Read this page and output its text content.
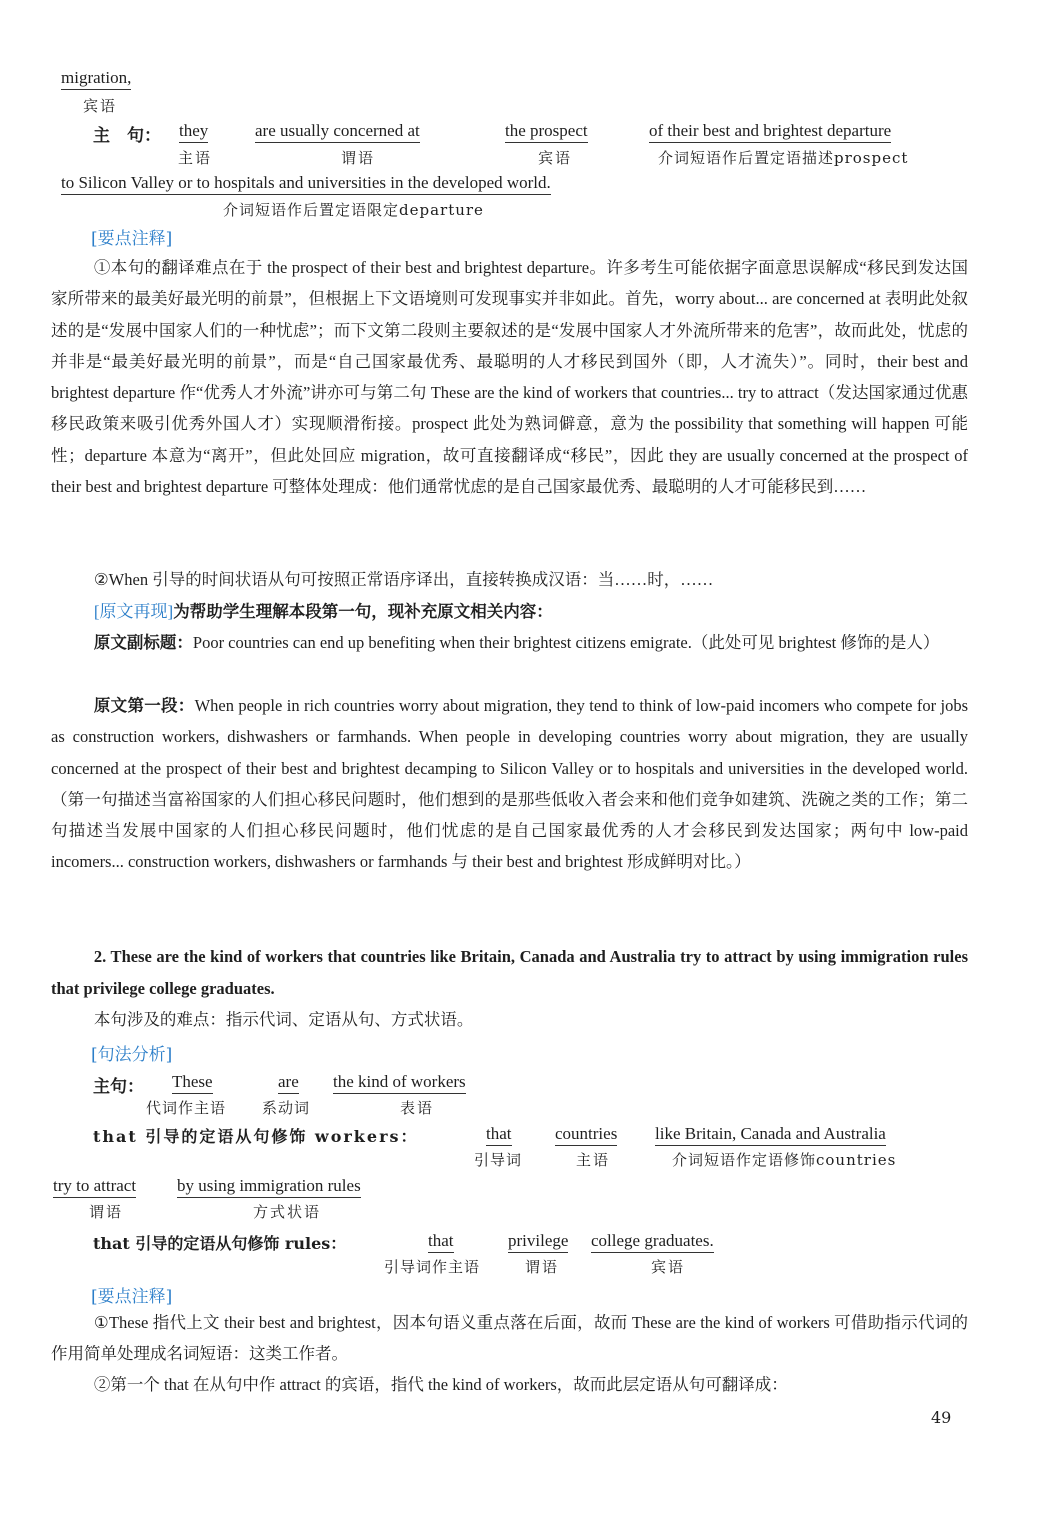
migration,
宾语
主　句： they
主语
are usually concerned at
谓语
the prospect
宾语
of their best and brightest departure
介词短语作后置定语描述prospect
to Silicon Valley or to hospitals and universities in the developed world.
介词短语作后置定语限定departure
[要点注释]
①本句的翻译难点在于 the prospect of their best and brightest departure。许多考生可能依据字面意思误解成“移民到发达国家所带来的最美好最光明的前景”，但根据上下文语境则可发现事实并非如此。首先，worry about... are concerned at 表明此处叙述的是“发展中国家人们的一种忧虑”；而下文第二段则主要叙述的是“发展中国家人才外流所带来的危害”，故而此处，忧虑的并非是“最美好最光明的前景”，而是“自己国家最优秀、最聪明的人才移民到国外（即，人才流失）”。同时，their best and brightest departure 作“优秀人才外流”讲亦可与第二句 These are the kind of workers that countries... try to attract（发达国家通过优惠移民政策来吸引优秀外国人才）实现顺滑衔接。prospect 此处为熟词僻意，意为 the possibility that something will happen 可能性；departure 本意为“离开”，但此处回应 migration，故可直接翻译成“移民”，因此 they are usually concerned at the prospect of their best and brightest departure 可整体处理成：他们通常忧虑的是自己国家最优秀、最聪明的人才可能移民到……
②When 引导的时间状语从句可按照正常语序译出，直接转换成汉语：当……时，……
[原文再现]为帮助学生理解本段第一句，现补充原文相关内容：
原文副标题：Poor countries can end up benefiting when their brightest citizens emigrate.（此处可见 brightest 修饰的是人）
原文第一段：When people in rich countries worry about migration, they tend to think of low-paid incomers who compete for jobs as construction workers, dishwashers or farmhands. When people in developing countries worry about migration, they are usually concerned at the prospect of their best and brightest decamping to Silicon Valley or to hospitals and universities in the developed world.（第一句描述当富裕国家的人们担心移民问题时，他们想到的是那些低收入者会来和他们竞争如建筑、洗碗之类的工作；第二句描述当发展中国家的人们担心移民问题时，他们忧虑的是自己国家最优秀的人才会移民到发达国家；两句中 low-paid incomers... construction workers, dishwashers or farmhands 与 their best and brightest 形成鲜明对比。）
2. These are the kind of workers that countries like Britain, Canada and Australia try to attract by using immigration rules that privilege college graduates.
本句涉及的难点：指示代词、定语从句、方式状语。
[句法分析]
主句： These
代词作主语
are
系动词
the kind of workers
表语
that 引导的定语从句修饰 workers：	that
引导词
countries
主语
like Britain, Canada and Australia
介词短语作定语修饰countries
try to attract
谓语
by using immigration rules
方式状语
that 引导的定语从句修饰 rules：	that
引导词作主语
privilege
谓语
college graduates.
宾语
[要点注释]
①These 指代上文 their best and brightest，因本句语义重点落在后面，故而 These are the kind of workers 可借助指示代词的作用简单处理成名词短语：这类工作者。
②第一个 that 在从句中作 attract 的宾语，指代 the kind of workers，故而此层定语从句可翻译成：
49
